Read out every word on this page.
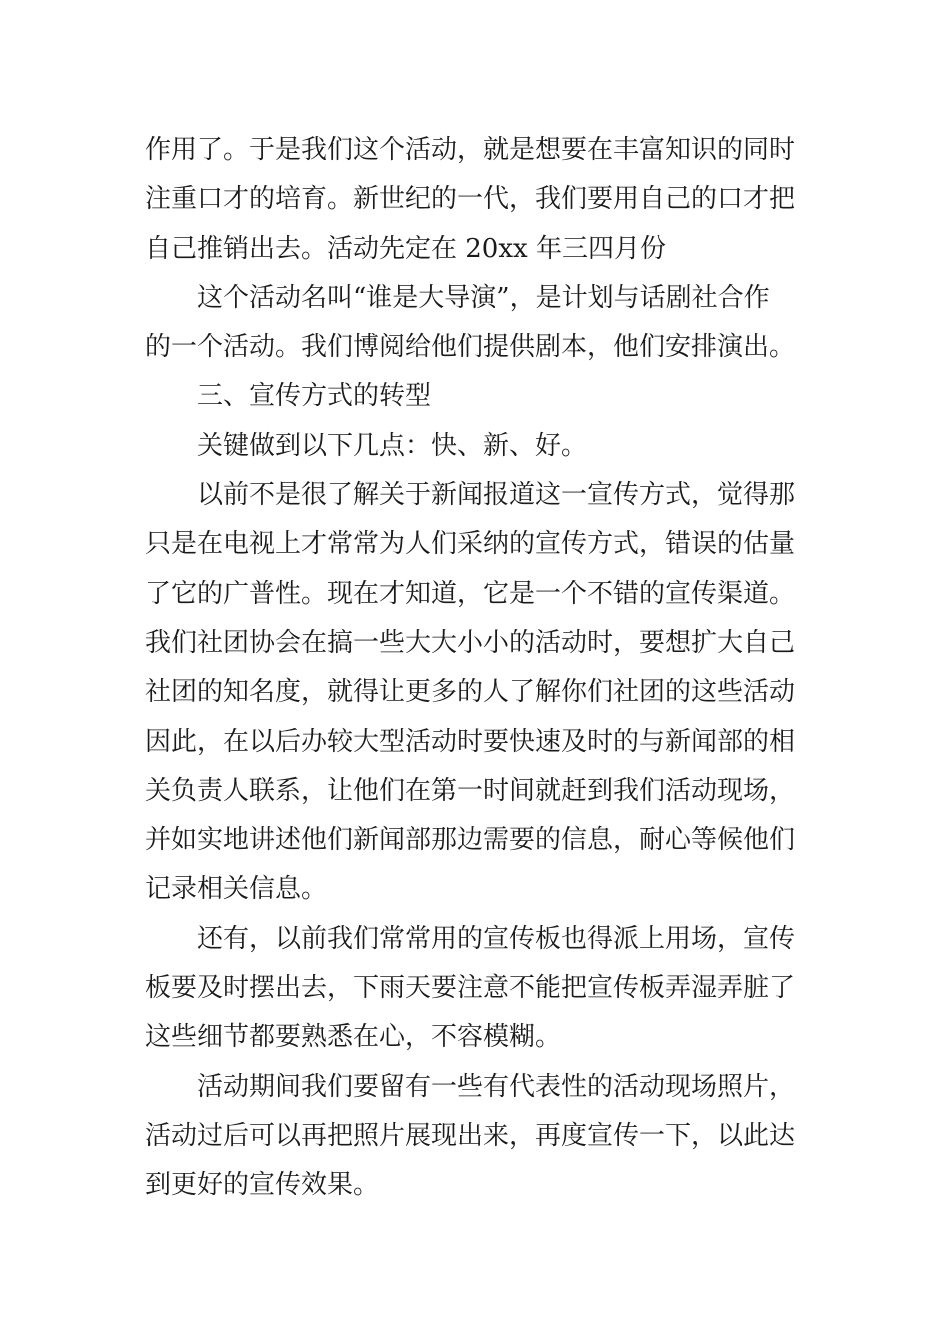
作用了。于是我们这个活动，就是想要在丰富知识的同时
注重口才的培育。新世纪的一代，我们要用自己的口才把
自己推销出去。活动先定在 20xx 年三四月份
这个活动名叫“谁是大导演”，是计划与话剧社合作
的一个活动。我们博阅给他们提供剧本，他们安排演出。
三、宣传方式的转型
关键做到以下几点：快、新、好。
以前不是很了解关于新闻报道这一宣传方式，觉得那
只是在电视上才常常为人们采纳的宣传方式，错误的估量
了它的广普性。现在才知道，它是一个不错的宣传渠道。
我们社团协会在搞一些大大小小的活动时，要想扩大自己
社团的知名度，就得让更多的人了解你们社团的这些活动
因此，在以后办较大型活动时要快速及时的与新闻部的相
关负责人联系，让他们在第一时间就赶到我们活动现场，
并如实地讲述他们新闻部那边需要的信息，耐心等候他们
记录相关信息。
还有，以前我们常常用的宣传板也得派上用场，宣传
板要及时摆出去，下雨天要注意不能把宣传板弄湿弄脏了
这些细节都要熟悉在心，不容模糊。
活动期间我们要留有一些有代表性的活动现场照片，
活动过后可以再把照片展现出来，再度宣传一下，以此达
到更好的宣传效果。
